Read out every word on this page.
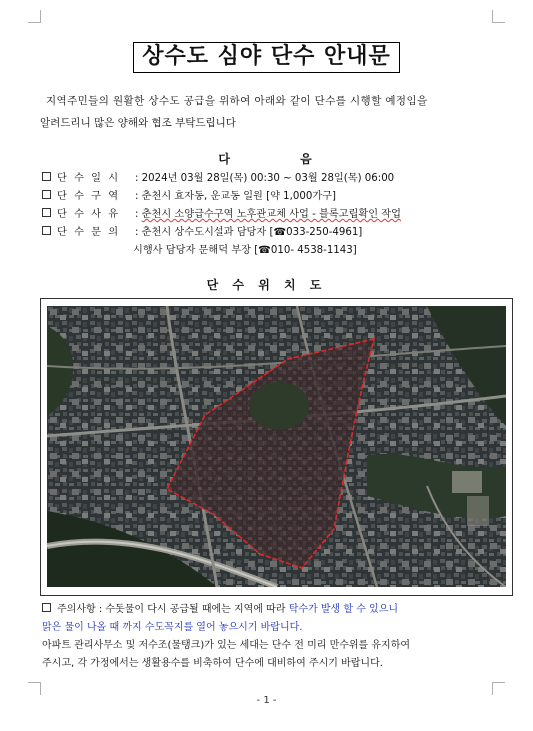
상수도 심야 단수 안내문
지역주민들의 원활한 상수도 공급을 위하여 아래와 같이 단수를 시행할 예정임을
알려드리니 많은 양해와 협조 부탁드립니다
다 음
단 수 일 시 : 2024년 03월 28일(목) 00:30 ~ 03월 28일(목) 06:00
단 수 구 역 : 춘천시 효자동, 운교동 일원 [약 1,000가구]
단 수 사 유 : 춘천시 소양급수구역 노후관교체 사업 - 블록고립확인 작업
단 수 문 의 : 춘천시 상수도시설과 담당자 [☎033-250-4961]
시행사 담당자 문해덕 부장 [☎010- 4538-1143]
단 수 위 치 도
주의사항 : 수돗물이 다시 공급될 때에는 지역에 따라 탁수가 발생 할 수 있으니
맑은 물이 나올 때 까지 수도꼭지를 열어 놓으시기 바랍니다.
아파트 관리사무소 및 저수조(물탱크)가 있는 세대는 단수 전 미리 만수위를 유지하여
주시고, 각 가정에서는 생활용수를 비축하여 단수에 대비하여 주시기 바랍니다.
- 1 -
